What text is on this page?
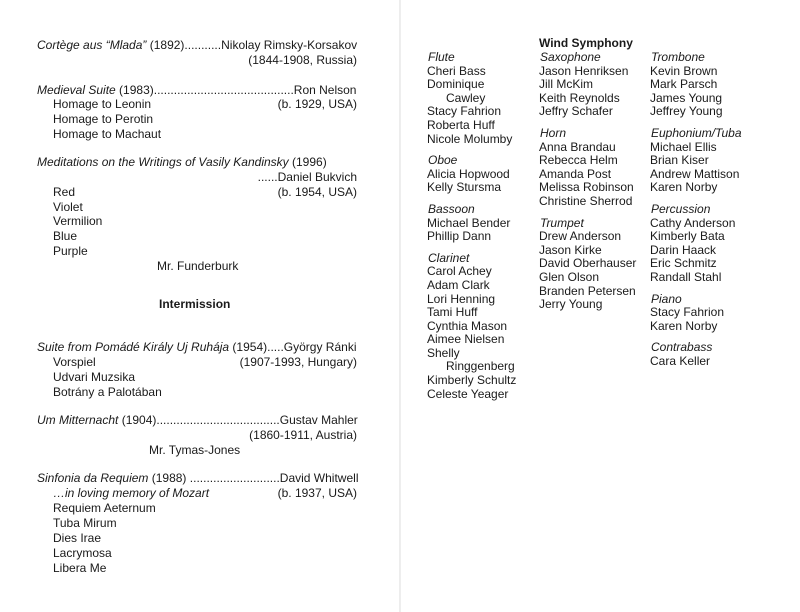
Cortège aus “Mlada” (1892)...........Nikolay Rimsky-Korsakov
(1844-1908, Russia)
Medieval Suite (1983)..........................................Ron Nelson
Homage to Leonin	(b. 1929, USA)
Homage to Perotin
Homage to Machaut
Meditations on the Writings of Vasily Kandinsky (1996)
......Daniel Bukvich
Red	(b. 1954, USA)
Violet
Vermilion
Blue
Purple
Mr. Funderburk
Intermission
Suite from Pomádé Király Uj Ruhája (1954).....György Ránki
Vorspiel	(1907-1993, Hungary)
Udvari Muzsika
Botrány a Palotában
Um Mitternacht (1904).....................................Gustav Mahler
(1860-1911, Austria)
Mr. Tymas-Jones
Sinfonia da Requiem (1988) ...........................David Whitwell
…in loving memory of Mozart	(b. 1937, USA)
Requiem Aeternum
Tuba Mirum
Dies Irae
Lacrymosa
Libera Me
Wind Symphony
Flute
Cheri Bass
Dominique
Cawley
Stacy Fahrion
Roberta Huff
Nicole Molumby
Oboe
Alicia Hopwood
Kelly Stursma
Bassoon
Michael Bender
Phillip Dann
Clarinet
Carol Achey
Adam Clark
Lori Henning
Tami Huff
Cynthia Mason
Aimee Nielsen
Shelly
Ringgenberg
Kimberly Schultz
Celeste Yeager
Saxophone
Jason Henriksen
Jill McKim
Keith Reynolds
Jeffry Schafer
Horn
Anna Brandau
Rebecca Helm
Amanda Post
Melissa Robinson
Christine Sherrod
Trumpet
Drew Anderson
Jason Kirke
David Oberhauser
Glen Olson
Branden Petersen
Jerry Young
Trombone
Kevin Brown
Mark Parsch
James Young
Jeffrey Young
Euphonium/Tuba
Michael Ellis
Brian Kiser
Andrew Mattison
Karen Norby
Percussion
Cathy Anderson
Kimberly Bata
Darin Haack
Eric Schmitz
Randall Stahl
Piano
Stacy Fahrion
Karen Norby
Contrabass
Cara Keller
